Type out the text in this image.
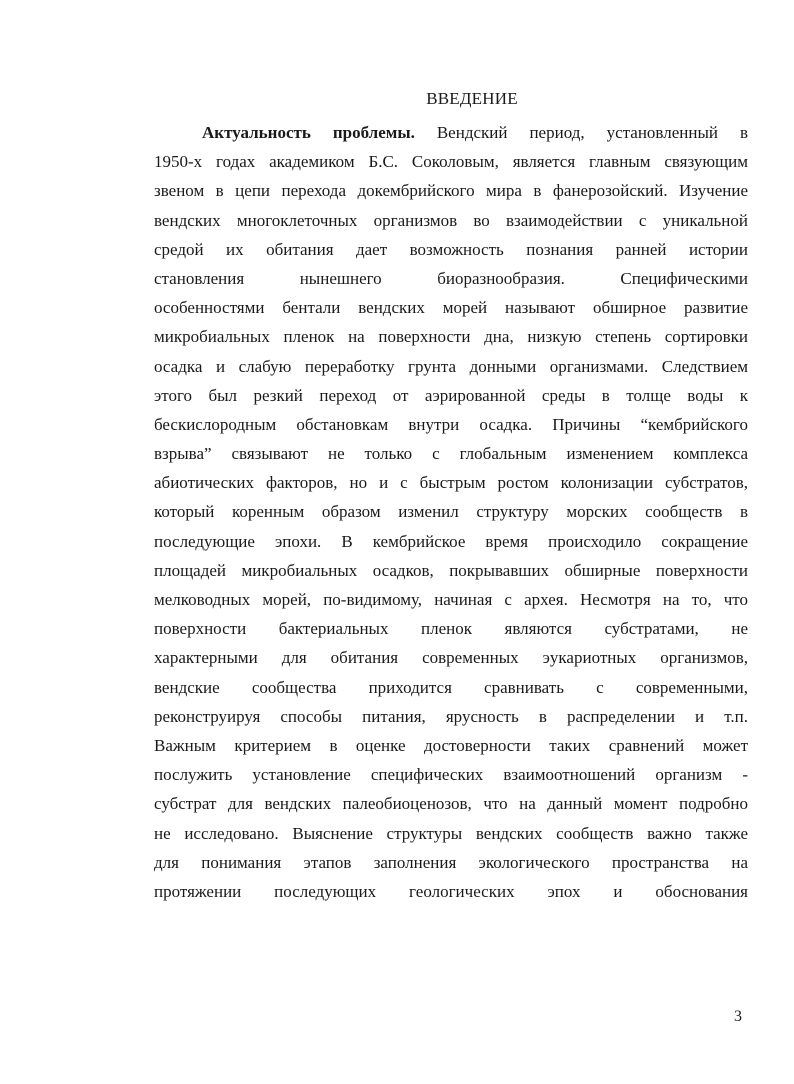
ВВЕДЕНИЕ
Актуальность проблемы. Вендский период, установленный в
1950-х годах академиком Б.С. Соколовым, является главным связующим
звеном в цепи перехода докембрийского мира в фанерозойский. Изучение
вендских многоклеточных организмов во взаимодействии с уникальной
средой их обитания дает возможность познания ранней истории
становления нынешнего биоразнообразия. Специфическими
особенностями бентали вендских морей называют обширное развитие
микробиальных пленок на поверхности дна, низкую степень сортировки
осадка и слабую переработку грунта донными организмами. Следствием
этого был резкий переход от аэрированной среды в толще воды к
бескислородным обстановкам внутри осадка. Причины “кембрийского
взрыва” связывают не только с глобальным изменением комплекса
абиотических факторов, но и с быстрым ростом колонизации субстратов,
который коренным образом изменил структуру морских сообществ в
последующие эпохи. В кембрийское время происходило сокращение
площадей микробиальных осадков, покрывавших обширные поверхности
мелководных морей, по-видимому, начиная с архея. Несмотря на то, что
поверхности бактериальных пленок являются субстратами, не
характерными для обитания современных эукариотных организмов,
вендские сообщества приходится сравнивать с современными,
реконструируя способы питания, ярусность в распределении и т.п.
Важным критерием в оценке достоверности таких сравнений может
послужить установление специфических взаимоотношений организм -
субстрат для вендских палеобиоценозов, что на данный момент подробно
не исследовано. Выяснение структуры вендских сообществ важно также
для понимания этапов заполнения экологического пространства на
протяжении последующих геологических эпох и обоснования
3
